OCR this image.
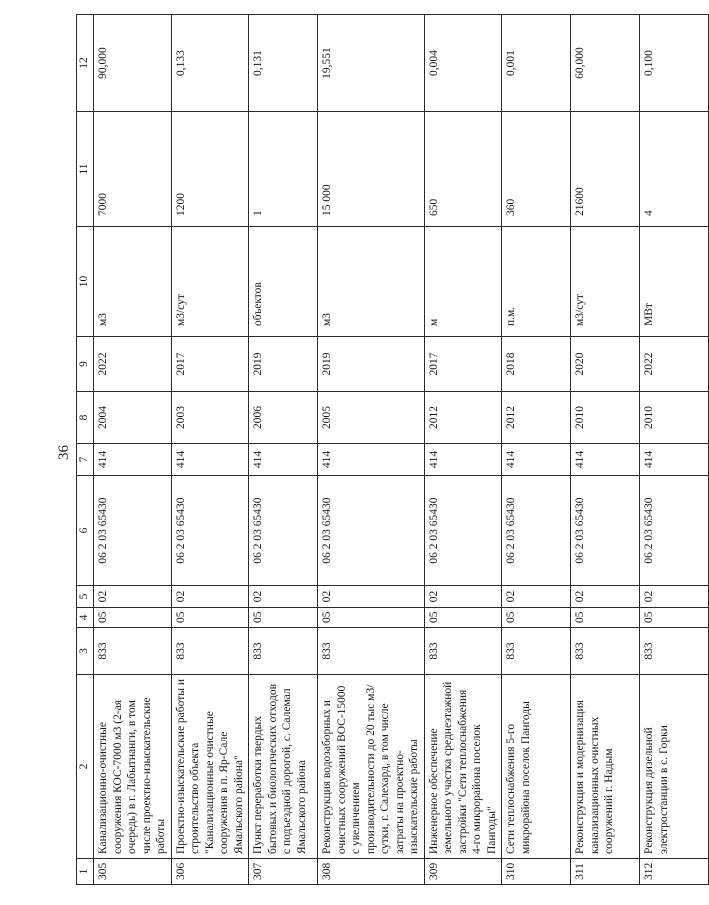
36
1	2	3	4	5	6	7	8	9	10	11	12
305	Канализационно-очистные сооружения КОС-7000 м3 (2-ая очередь) в г. Лабытнанги, в том числе проектно-изыскательские работы	833	05	02	06 2 03 65430	414	2004	2022	м3	7000	90,000
306	Проектно-изыскательские работы и строительство объекта "Канализационные очистные сооружения в п. Яр-Сале Ямальского района"	833	05	02	06 2 03 65430	414	2003	2017	м3/сут	1200	0,133
307	Пункт переработки твердых бытовых и биологических отходов с подъездной дорогой, с. Салемал Ямальского района	833	05	02	06 2 03 65430	414	2006	2019	объектов	1	0,131
308	Реконструкция водозаборных и очистных сооружений ВОС-15000 с увеличением производительности до 20 тыс м3/сутки, г. Салехард, в том числе затраты на проектно-изыскательские работы	833	05	02	06 2 03 65430	414	2005	2019	м3	15 000	19,551
309	Инженерное обеспечение земельного участка среднеэтажной застройки "Сети теплоснабжения 4-го микрорайона поселок Пангоды"	833	05	02	06 2 03 65430	414	2012	2017	м	650	0,004
310	Сети теплоснабжения 5-го микрорайона поселок Пангоды	833	05	02	06 2 03 65430	414	2012	2018	п.м.	360	0,001
311	Реконструкция и модернизация канализационных очистных сооружений г. Надым	833	05	02	06 2 03 65430	414	2010	2020	м3/сут	21600	60,000
312	Реконструкция дизельной электростанции в с. Горки	833	05	02	06 2 03 65430	414	2010	2022	МВт	4	0,100
